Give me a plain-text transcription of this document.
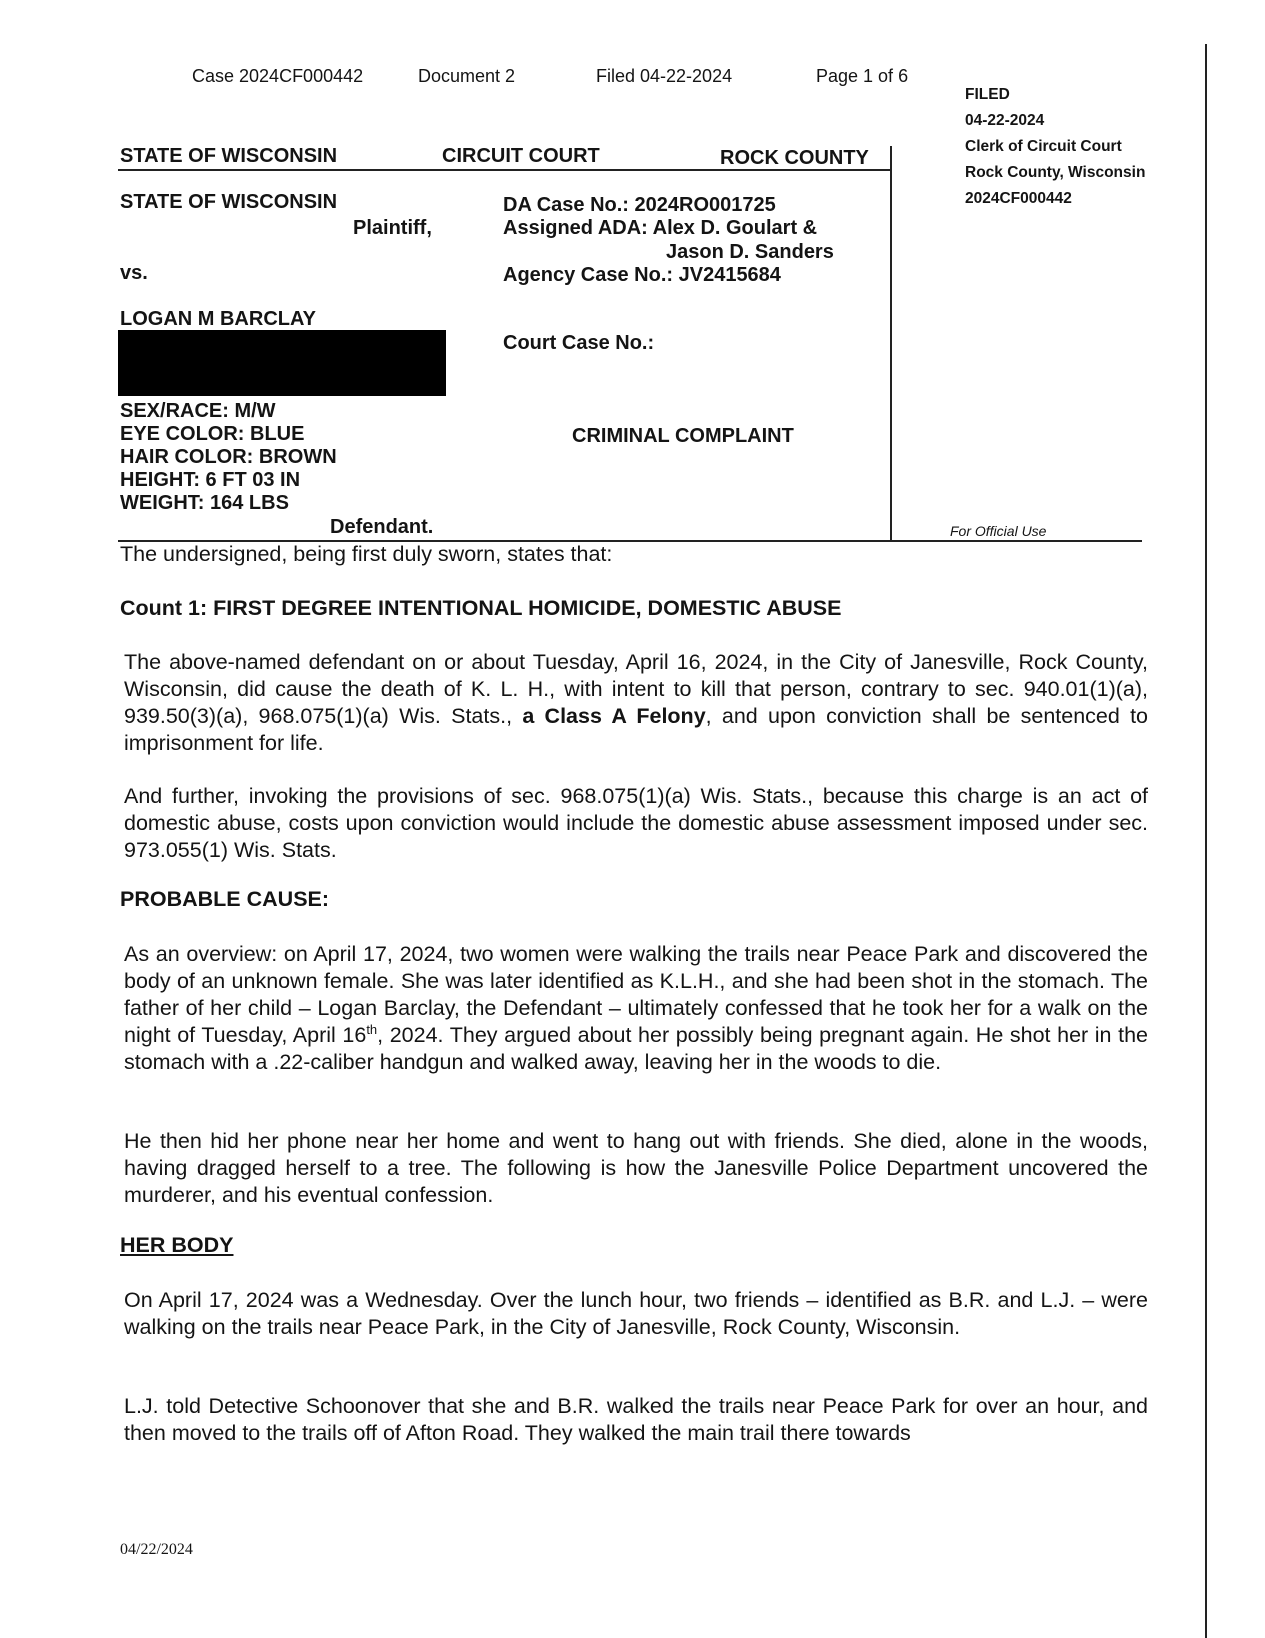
Case 2024CF000442	Document 2	Filed 04-22-2024	Page 1 of 6
FILED
04-22-2024
Clerk of Circuit Court
Rock County, Wisconsin
2024CF000442
STATE OF WISCONSIN	CIRCUIT COURT	ROCK COUNTY
STATE OF WISCONSIN
Plaintiff,
vs.
LOGAN M BARCLAY
SEX/RACE: M/W
EYE COLOR: BLUE
HAIR COLOR: BROWN
HEIGHT: 6 FT 03 IN
WEIGHT: 164 LBS
Defendant.
DA Case No.: 2024RO001725
Assigned ADA: Alex D. Goulart &
Jason D. Sanders
Agency Case No.: JV2415684
Court Case No.:
CRIMINAL COMPLAINT
For Official Use
The undersigned, being first duly sworn, states that:
Count 1: FIRST DEGREE INTENTIONAL HOMICIDE, DOMESTIC ABUSE

The above-named defendant on or about Tuesday, April 16, 2024, in the City of Janesville, Rock County, Wisconsin, did cause the death of K. L. H., with intent to kill that person, contrary to sec. 940.01(1)(a), 939.50(3)(a), 968.075(1)(a) Wis. Stats., a Class A Felony, and upon conviction shall be sentenced to imprisonment for life.

And further, invoking the provisions of sec. 968.075(1)(a) Wis. Stats., because this charge is an act of domestic abuse, costs upon conviction would include the domestic abuse assessment imposed under sec. 973.055(1) Wis. Stats.

PROBABLE CAUSE:

As an overview: on April 17, 2024, two women were walking the trails near Peace Park and discovered the body of an unknown female. She was later identified as K.L.H., and she had been shot in the stomach. The father of her child – Logan Barclay, the Defendant – ultimately confessed that he took her for a walk on the night of Tuesday, April 16th, 2024. They argued about her possibly being pregnant again. He shot her in the stomach with a .22-caliber handgun and walked away, leaving her in the woods to die.

He then hid her phone near her home and went to hang out with friends. She died, alone in the woods, having dragged herself to a tree. The following is how the Janesville Police Department uncovered the murderer, and his eventual confession.

HER BODY

On April 17, 2024 was a Wednesday. Over the lunch hour, two friends – identified as B.R. and L.J. – were walking on the trails near Peace Park, in the City of Janesville, Rock County, Wisconsin.

L.J. told Detective Schoonover that she and B.R. walked the trails near Peace Park for over an hour, and then moved to the trails off of Afton Road. They walked the main trail there towards

04/22/2024
